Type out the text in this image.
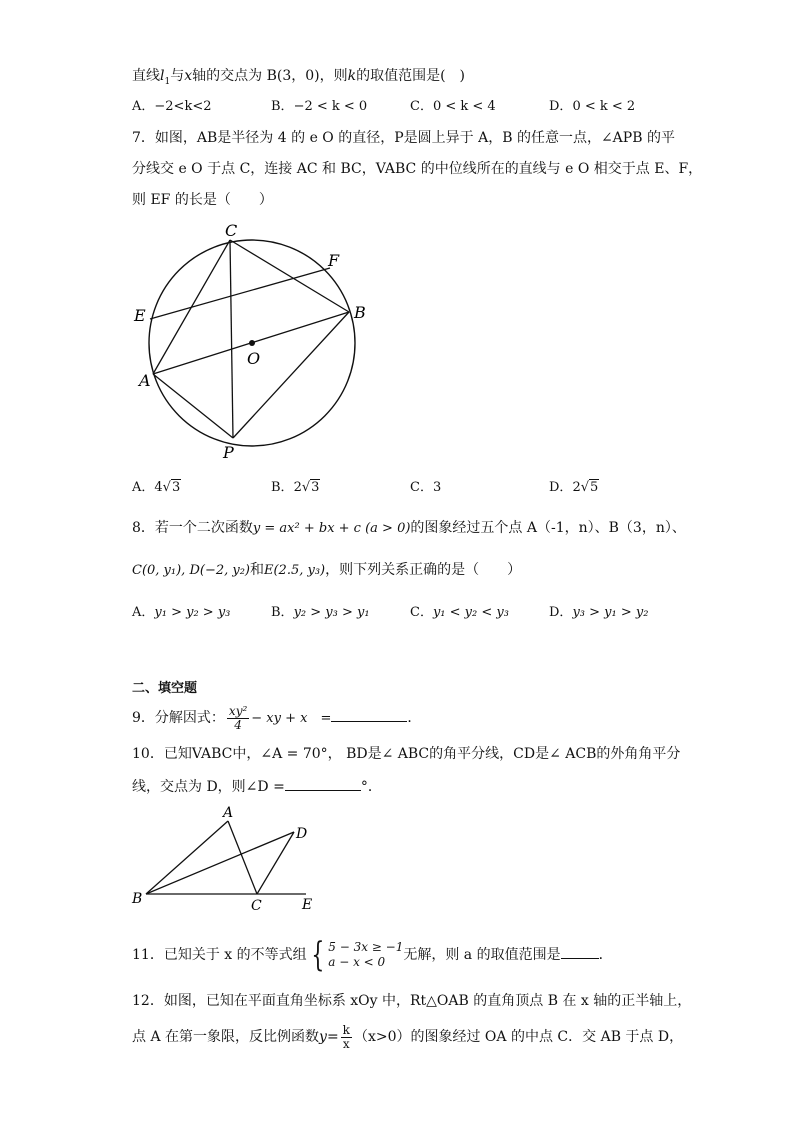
直线$l_1$与x轴的交点为 B(3，0)，则k的取值范围是(　)
A．−2<k<2	B．−2 < k < 0	C．0 < k < 4	D．0 < k < 2
7．如图，AB是半径为 4 的 e O 的直径，P是圆上异于 A，B 的任意一点，∠APB 的平
分线交 e O 于点 C，连接 AC 和 BC，VABC 的中位线所在的直线与 e O 相交于点 E、F，
则 EF 的长是（　　）
C
F
E	B
O
A
P
A．4√3	B．2√3	C．3	D．2√5
8．若一个二次函数y = ax² + bx + c (a > 0)的图象经过五个点 A（-1，n）、B（3，n）、
C(0, y₁), D(−2, y₂)和E(2.5, y₃)，则下列关系正确的是（　　）
A．y₁ > y₂ > y₃	B．y₂ > y₃ > y₁	C．y₁ < y₂ < y₃	D．y₃ > y₁ > y₂
二、填空题
9．分解因式： $\frac{\text{xy²}}{4}$ − xy + x　=	．
10．已知VABC中，∠A = 70°， BD是∠ ABC的角平分线，CD是∠ ACB的外角角平分
线，交点为 D，则∠D =	°．
A
D
B	C	E
11．已知关于 x 的不等式组 { 5 − 3x ≥ −1
a − x < 0	无解，则 a 的取值范围是	．
12．如图，已知在平面直角坐标系 xOy 中，Rt△OAB 的直角顶点 B 在 x 轴的正半轴上，
点 A 在第一象限，反比例函数$y= \frac{k}{x} (x>0)$的图象经过 OA 的中点 C．交 AB 于点 D，
